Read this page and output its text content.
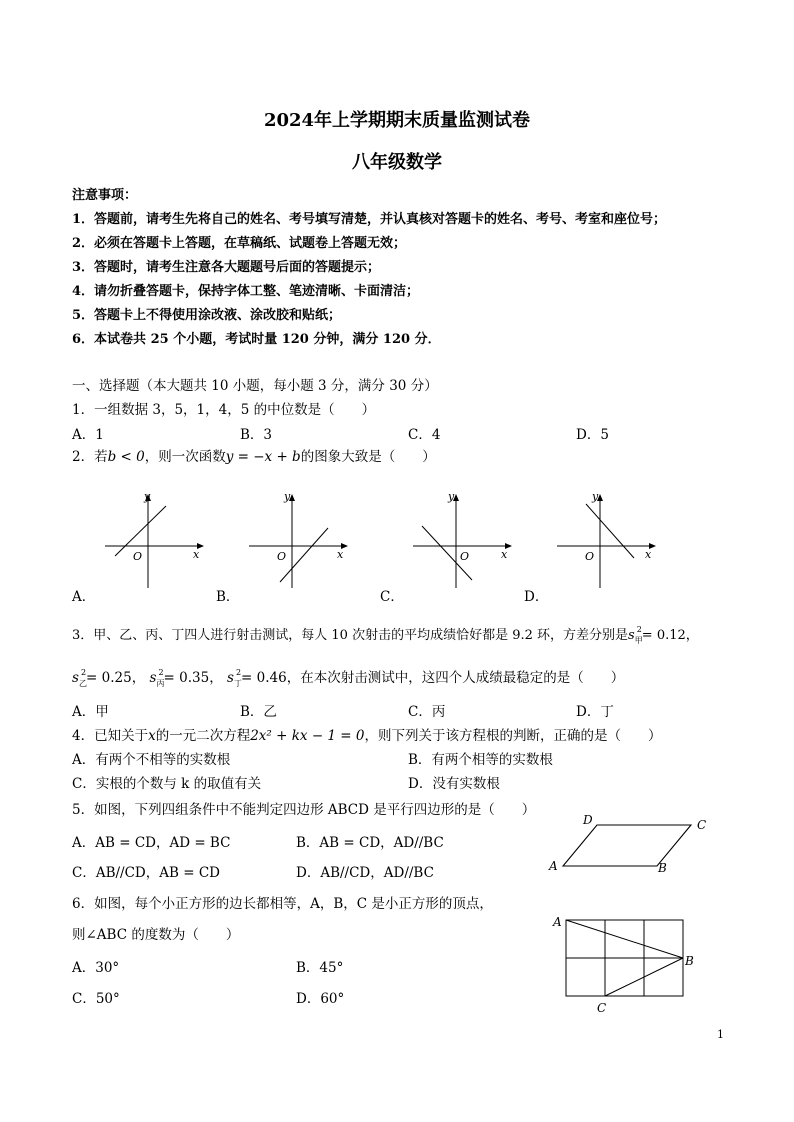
2024年上学期期末质量监测试卷
八年级数学
注意事项：
1．答题前，请考生先将自己的姓名、考号填写清楚，并认真核对答题卡的姓名、考号、考室和座位号；
2．必须在答题卡上答题，在草稿纸、试题卷上答题无效；
3．答题时，请考生注意各大题题号后面的答题提示；
4．请勿折叠答题卡，保持字体工整、笔迹清晰、卡面清洁；
5．答题卡上不得使用涂改液、涂改胶和贴纸；
6．本试卷共 25 个小题，考试时量 120 分钟，满分 120 分．
一、选择题（本大题共 10 小题，每小题 3 分，满分 30 分）
1．一组数据 3，5，1，4，5 的中位数是（　　）
A．1	B．3	C．4	D．5
2．若b < 0，则一次函数y = −x + b的图象大致是（　　）
y
x
O
y
x
O
y
x
O
y
x
O
A．	B．	C．	D．
3．甲、乙、丙、丁四人进行射击测试，每人 10 次射击的平均成绩恰好都是 9.2 环，方差分别是$s_甲^2= 0.12$，
$s_乙^2= 0.25$， $s_丙^2= 0.35$， $s_丁^2= 0.46$，在本次射击测试中，这四个人成绩最稳定的是（　　）
A．甲	B．乙	C．丙	D．丁
4．已知关于x的一元二次方程2x² + kx − 1 = 0，则下列关于该方程根的判断，正确的是（　　）
A．有两个不相等的实数根	B．有两个相等的实数根
C．实根的个数与 k 的取值有关	D．没有实数根
5．如图，下列四组条件中不能判定四边形 ABCD 是平行四边形的是（　　）
A．AB = CD，AD = BC	B．AB = CD，AD//BC
C．AB//CD，AB = CD	D．AB//CD，AD//BC
D	C
A	B
6．如图，每个小正方形的边长都相等，A，B，C 是小正方形的顶点，
则∠ABC 的度数为（　　）
A．30°	B．45°
C．50°	D．60°
A
B
C
1
